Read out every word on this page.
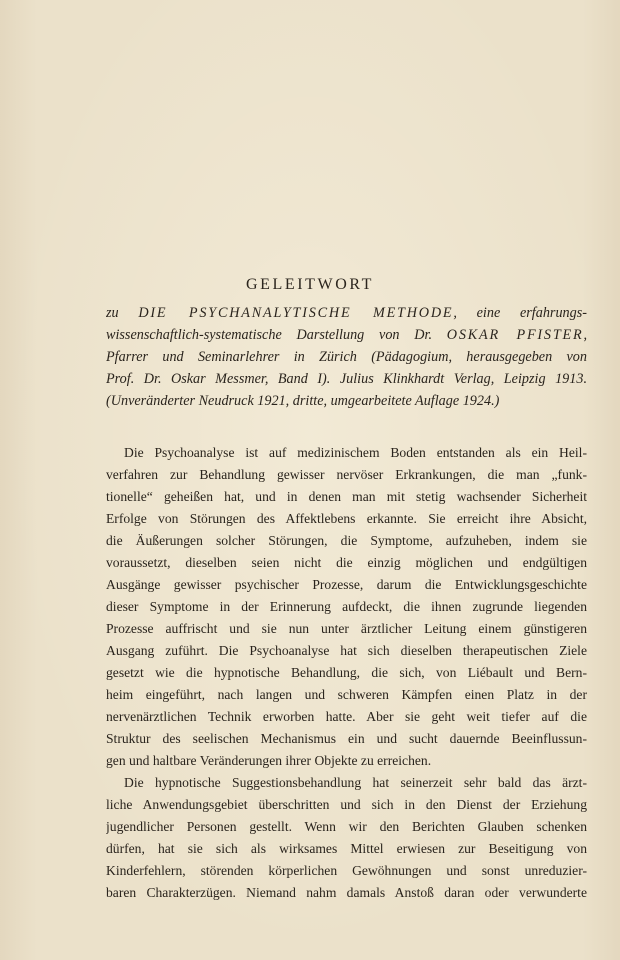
GELEITWORT
zu DIE PSYCHANALYTISCHE METHODE, eine erfahrungs-
wissenschaftlich-systematische Darstellung von Dr. OSKAR PFISTER,
Pfarrer und Seminarlehrer in Zürich (Pädagogium, herausgegeben von
Prof. Dr. Oskar Messmer, Band I). Julius Klinkhardt Verlag, Leipzig 1913.
(Unveränderter Neudruck 1921, dritte, umgearbeitete Auflage 1924.)
Die Psychoanalyse ist auf medizinischem Boden entstanden als ein Heil-
verfahren zur Behandlung gewisser nervöser Erkrankungen, die man „funk-
tionelle“ geheißen hat, und in denen man mit stetig wachsender Sicherheit
Erfolge von Störungen des Affektlebens erkannte. Sie erreicht ihre Absicht,
die Äußerungen solcher Störungen, die Symptome, aufzuheben, indem sie
voraussetzt, dieselben seien nicht die einzig möglichen und endgültigen
Ausgänge gewisser psychischer Prozesse, darum die Entwicklungsgeschichte
dieser Symptome in der Erinnerung aufdeckt, die ihnen zugrunde liegenden
Prozesse auffrischt und sie nun unter ärztlicher Leitung einem günstigeren
Ausgang zuführt. Die Psychoanalyse hat sich dieselben therapeutischen Ziele
gesetzt wie die hypnotische Behandlung, die sich, von Liébault und Bern-
heim eingeführt, nach langen und schweren Kämpfen einen Platz in der
nervenärztlichen Technik erworben hatte. Aber sie geht weit tiefer auf die
Struktur des seelischen Mechanismus ein und sucht dauernde Beeinflussun-
gen und haltbare Veränderungen ihrer Objekte zu erreichen.
Die hypnotische Suggestionsbehandlung hat seinerzeit sehr bald das ärzt-
liche Anwendungsgebiet überschritten und sich in den Dienst der Erziehung
jugendlicher Personen gestellt. Wenn wir den Berichten Glauben schenken
dürfen, hat sie sich als wirksames Mittel erwiesen zur Beseitigung von
Kinderfehlern, störenden körperlichen Gewöhnungen und sonst unreduzier-
baren Charakterzügen. Niemand nahm damals Anstoß daran oder verwunderte
